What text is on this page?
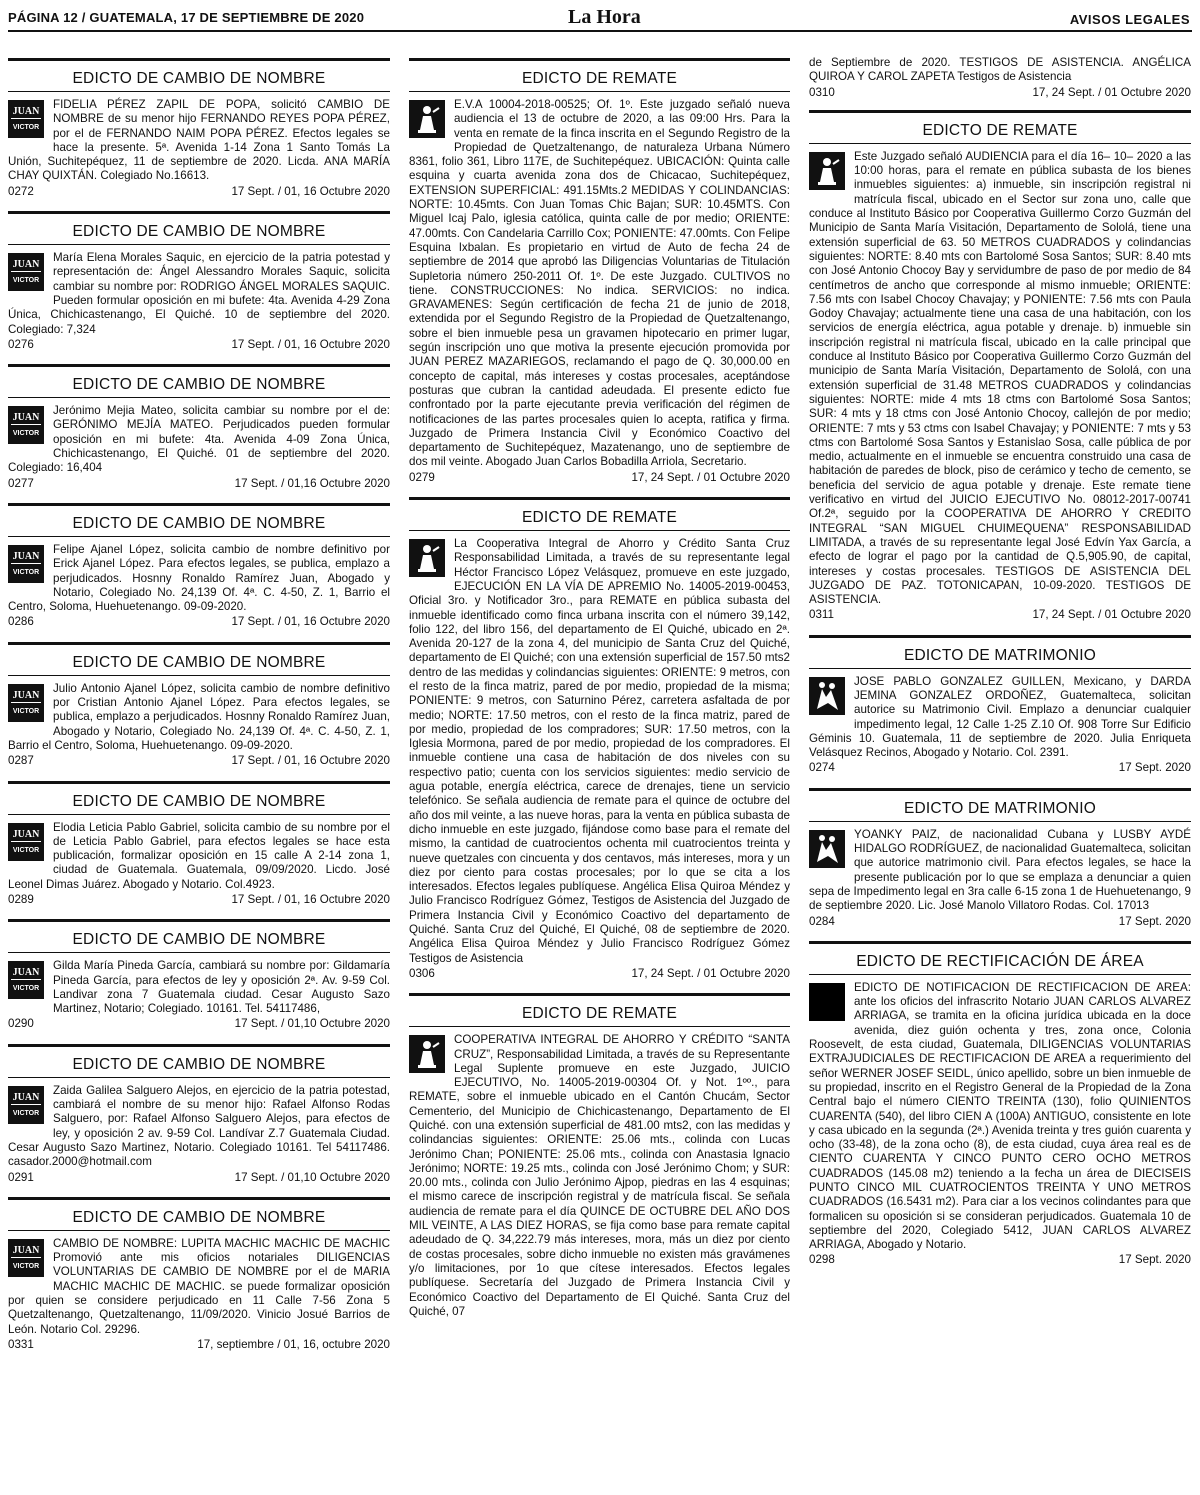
PÁGINA 12 / GUATEMALA, 17 DE SEPTIEMBRE DE 2020	La Hora	AVISOS LEGALES
EDICTO DE CAMBIO DE NOMBRE
JUAN
VICTOR

FIDELIA PÉREZ ZAPIL DE POPA, solicitó CAMBIO DE NOMBRE de su menor hijo FERNANDO REYES POPA PÉREZ, por el de FERNANDO NAIM POPA PÉREZ. Efectos legales se hace la presente. 5ª. Avenida 1-14 Zona 1 Santo Tomás La Unión, Suchitepéquez, 11 de septiembre de 2020. Licda. ANA MARÍA CHAY QUIXTÁN. Colegiado No.16613.

0272	17 Sept. / 01, 16 Octubre 2020
EDICTO DE CAMBIO DE NOMBRE
JUAN
VICTOR

María Elena Morales Saquic, en ejercicio de la patria potestad y representación de: Ángel Alessandro Morales Saquic, solicita cambiar su nombre por: RODRIGO ÁNGEL MORALES SAQUIC. Pueden formular oposición en mi bufete: 4ta. Avenida 4-29 Zona Única, Chichicastenango, El Quiché. 10 de septiembre del 2020. Colegiado: 7,324

0276	17 Sept. / 01, 16 Octubre 2020
EDICTO DE CAMBIO DE NOMBRE
JUAN
VICTOR

Jerónimo Mejia Mateo, solicita cambiar su nombre por el de: GERÓNIMO MEJÍA MATEO. Perjudicados pueden formular oposición en mi bufete: 4ta. Avenida 4-09 Zona Única, Chichicastenango, El Quiché. 01 de septiembre del 2020. Colegiado: 16,404

0277	17 Sept. / 01,16 Octubre 2020
EDICTO DE CAMBIO DE NOMBRE
JUAN
VICTOR

Felipe Ajanel López, solicita cambio de nombre definitivo por Erick Ajanel López. Para efectos legales, se publica, emplazo a perjudicados. Hosnny Ronaldo Ramírez Juan, Abogado y Notario, Colegiado No. 24,139 Of. 4ª. C. 4-50, Z. 1, Barrio el Centro, Soloma, Huehuetenango. 09-09-2020.

0286	17 Sept. / 01, 16 Octubre 2020
EDICTO DE CAMBIO DE NOMBRE
JUAN
VICTOR

Julio Antonio Ajanel López, solicita cambio de nombre definitivo por Cristian Antonio Ajanel López. Para efectos legales, se publica, emplazo a perjudicados. Hosnny Ronaldo Ramírez Juan, Abogado y Notario, Colegiado No. 24,139 Of. 4ª. C. 4-50, Z. 1, Barrio el Centro, Soloma, Huehuetenango. 09-09-2020.

0287	17 Sept. / 01, 16 Octubre 2020
EDICTO DE CAMBIO DE NOMBRE
JUAN
VICTOR

Elodia Leticia Pablo Gabriel, solicita cambio de su nombre por el de Leticia Pablo Gabriel, para efectos legales se hace esta publicación, formalizar oposición en 15 calle A 2-14 zona 1, ciudad de Guatemala. Guatemala, 09/09/2020. Licdo. José Leonel Dimas Juárez. Abogado y Notario. Col.4923.

0289	17 Sept. / 01, 16 Octubre 2020
EDICTO DE CAMBIO DE NOMBRE
JUAN
VICTOR

Gilda María Pineda García, cambiará su nombre por: Gildamaría Pineda García, para efectos de ley y oposición 2ª. Av. 9-59 Col. Landivar zona 7 Guatemala ciudad. Cesar Augusto Sazo Martinez, Notario; Colegiado. 10161. Tel. 54117486,

0290	17 Sept. / 01,10 Octubre 2020
EDICTO DE CAMBIO DE NOMBRE
JUAN
VICTOR

Zaida Galilea Salguero Alejos, en ejercicio de la patria potestad, cambiará el nombre de su menor hijo: Rafael Alfonso Rodas Salguero, por: Rafael Alfonso Salguero Alejos, para efectos de ley, y oposición 2 av. 9-59 Col. Landívar Z.7 Guatemala Ciudad. Cesar Augusto Sazo Martinez, Notario. Colegiado 10161. Tel 54117486. casador.2000@hotmail.com

0291	17 Sept. / 01,10 Octubre 2020
EDICTO DE CAMBIO DE NOMBRE
JUAN
VICTOR

CAMBIO DE NOMBRE: LUPITA MACHIC MACHIC DE MACHIC Promovió ante mis oficios notariales DILIGENCIAS VOLUNTARIAS DE CAMBIO DE NOMBRE por el de MARIA MACHIC MACHIC DE MACHIC. se puede formalizar oposición por quien se considere perjudicado en 11 Calle 7-56 Zona 5 Quetzaltenango, Quetzaltenango, 11/09/2020. Vinicio Josué Barrios de León. Notario Col. 29296.

0331	17, septiembre / 01, 16, octubre 2020
EDICTO DE REMATE

E.V.A 10004-2018-00525; Of. 1º. Este juzgado señaló nueva audiencia el 13 de octubre de 2020, a las 09:00 Hrs. Para la venta en remate de la finca inscrita en el Segundo Registro de la Propiedad de Quetzaltenango, de naturaleza Urbana Número 8361, folio 361, Libro 117E, de Suchitepéquez. UBICACIÓN: Quinta calle esquina y cuarta avenida zona dos de Chicacao, Suchitepéquez, EXTENSION SUPERFICIAL: 491.15Mts.2 MEDIDAS Y COLINDANCIAS: NORTE: 10.45mts. Con Juan Tomas Chic Bajan; SUR: 10.45MTS. Con Miguel Icaj Palo, iglesia católica, quinta calle de por medio; ORIENTE: 47.00mts. Con Candelaria Carrillo Cox; PONIENTE: 47.00mts. Con Felipe Esquina Ixbalan. Es propietario en virtud de Auto de fecha 24 de septiembre de 2014 que aprobó las Diligencias Voluntarias de Titulación Supletoria número 250-2011 Of. 1º. De este Juzgado. CULTIVOS no tiene. CONSTRUCCIONES: No indica. SERVICIOS: no indica. GRAVAMENES: Según certificación de fecha 21 de junio de 2018, extendida por el Segundo Registro de la Propiedad de Quetzaltenango, sobre el bien inmueble pesa un gravamen hipotecario en primer lugar, según inscripción uno que motiva la presente ejecución promovida por JUAN PEREZ MAZARIEGOS, reclamando el pago de Q. 30,000.00 en concepto de capital, más intereses y costas procesales, aceptándose posturas que cubran la cantidad adeudada. El presente edicto fue confrontado por la parte ejecutante previa verificación del régimen de notificaciones de las partes procesales quien lo acepta, ratifica y firma. Juzgado de Primera Instancia Civil y Económico Coactivo del departamento de Suchitepéquez, Mazatenango, uno de septiembre de dos mil veinte. Abogado Juan Carlos Bobadilla Arriola, Secretario.

0279	17, 24 Sept. / 01 Octubre 2020
EDICTO DE REMATE

La Cooperativa Integral de Ahorro y Crédito Santa Cruz Responsabilidad Limitada, a través de su representante legal Héctor Francisco López Velásquez, promueve en este juzgado, EJECUCIÓN EN LA VÍA DE APREMIO No. 14005-2019-00453, Oficial 3ro. y Notificador 3ro., para REMATE en pública subasta del inmueble identificado como finca urbana inscrita con el número 39,142, folio 122, del libro 156, del departamento de El Quiché, ubicado en 2ª. Avenida 20-127 de la zona 4, del municipio de Santa Cruz del Quiché, departamento de El Quiché; con una extensión superficial de 157.50 mts2 dentro de las medidas y colindancias siguientes: ORIENTE: 9 metros, con el resto de la finca matriz, pared de por medio, propiedad de la misma; PONIENTE: 9 metros, con Saturnino Pérez, carretera asfaltada de por medio; NORTE: 17.50 metros, con el resto de la finca matriz, pared de por medio, propiedad de los compradores; SUR: 17.50 metros, con la Iglesia Mormona, pared de por medio, propiedad de los compradores. El inmueble contiene una casa de habitación de dos niveles con su respectivo patio; cuenta con los servicios siguientes: medio servicio de agua potable, energía eléctrica, carece de drenajes, tiene un servicio telefónico. Se señala audiencia de remate para el quince de octubre del año dos mil veinte, a las nueve horas, para la venta en pública subasta de dicho inmueble en este juzgado, fijándose como base para el remate del mismo, la cantidad de cuatrocientos ochenta mil cuatrocientos treinta y nueve quetzales con cincuenta y dos centavos, más intereses, mora y un diez por ciento para costas procesales; por lo que se cita a los interesados. Efectos legales publíquese. Angélica Elisa Quiroa Méndez y Julio Francisco Rodríguez Gómez, Testigos de Asistencia del Juzgado de Primera Instancia Civil y Económico Coactivo del departamento de Quiché. Santa Cruz del Quiché, El Quiché, 08 de septiembre de 2020. Angélica Elisa Quiroa Méndez y Julio Francisco Rodríguez Gómez Testigos de Asistencia

0306	17, 24 Sept. / 01 Octubre 2020
EDICTO DE REMATE

COOPERATIVA INTEGRAL DE AHORRO Y CRÉDITO “SANTA CRUZ”, Responsabilidad Limitada, a través de su Representante Legal Suplente promueve en este Juzgado, JUICIO EJECUTIVO, No. 14005-2019-00304 Of. y Not. 1ºº., para REMATE, sobre el inmueble ubicado en el Cantón Chucám, Sector Cementerio, del Municipio de Chichicastenango, Departamento de El Quiché. con una extensión superficial de 481.00 mts2, con las medidas y colindancias siguientes: ORIENTE: 25.06 mts., colinda con Lucas Jerónimo Chan; PONIENTE: 25.06 mts., colinda con Anastasia Ignacio Jerónimo; NORTE: 19.25 mts., colinda con José Jerónimo Chom; y SUR: 20.00 mts., colinda con Julio Jerónimo Ajpop, piedras en las 4 esquinas; el mismo carece de inscripción registral y de matrícula fiscal. Se señala audiencia de remate para el día QUINCE DE OCTUBRE DEL AÑO DOS MIL VEINTE, A LAS DIEZ HORAS, se fija como base para remate capital adeudado de Q. 34,222.79 más intereses, mora, más un diez por ciento de costas procesales, sobre dicho inmueble no existen más gravámenes y/o limitaciones, por 1o que cítese interesados. Efectos legales publíquese. Secretaría del Juzgado de Primera Instancia Civil y Económico Coactivo del Departamento de El Quiché. Santa Cruz del Quiché, 07

de Septiembre de 2020. TESTIGOS DE ASISTENCIA. ANGÉLICA QUIROA Y CAROL ZAPETA Testigos de Asistencia

0310	17, 24 Sept. / 01 Octubre 2020
EDICTO DE REMATE

Este Juzgado señaló AUDIENCIA para el día 16– 10– 2020 a las 10:00 horas, para el remate en pública subasta de los bienes inmuebles siguientes: a) inmueble, sin inscripción registral ni matrícula fiscal, ubicado en el Sector sur zona uno, calle que conduce al Instituto Básico por Cooperativa Guillermo Corzo Guzmán del Municipio de Santa María Visitación, Departamento de Sololá, tiene una extensión superficial de 63. 50 METROS CUADRADOS y colindancias siguientes: NORTE: 8.40 mts con Bartolomé Sosa Santos; SUR: 8.40 mts con José Antonio Chocoy Bay y servidumbre de paso de por medio de 84 centímetros de ancho que corresponde al mismo inmueble; ORIENTE: 7.56 mts con Isabel Chocoy Chavajay; y PONIENTE: 7.56 mts con Paula Godoy Chavajay; actualmente tiene una casa de una habitación, con los servicios de energía eléctrica, agua potable y drenaje. b) inmueble sin inscripción registral ni matrícula fiscal, ubicado en la calle principal que conduce al Instituto Básico por Cooperativa Guillermo Corzo Guzmán del municipio de Santa María Visitación, Departamento de Sololá, con una extensión superficial de 31.48 METROS CUADRADOS y colindancias siguientes: NORTE: mide 4 mts 18 ctms con Bartolomé Sosa Santos; SUR: 4 mts y 18 ctms con José Antonio Chocoy, callejón de por medio; ORIENTE: 7 mts y 53 ctms con Isabel Chavajay; y PONIENTE: 7 mts y 53 ctms con Bartolomé Sosa Santos y Estanislao Sosa, calle pública de por medio, actualmente en el inmueble se encuentra construido una casa de habitación de paredes de block, piso de cerámico y techo de cemento, se beneficia del servicio de agua potable y drenaje. Este remate tiene verificativo en virtud del JUICIO EJECUTIVO No. 08012-2017-00741 Of.2ª, seguido por la COOPERATIVA DE AHORRO Y CREDITO INTEGRAL “SAN MIGUEL CHUIMEQUENA” RESPONSABILIDAD LIMITADA, a través de su representante legal José Edvín Yax García, a efecto de lograr el pago por la cantidad de Q.5,905.90, de capital, intereses y costas procesales. TESTIGOS DE ASISTENCIA DEL JUZGADO DE PAZ. TOTONICAPAN, 10-09-2020. TESTIGOS DE ASISTENCIA.

0311	17, 24 Sept. / 01 Octubre 2020
EDICTO DE MATRIMONIO

JOSE PABLO GONZALEZ GUILLEN, Mexicano, y DARDA JEMINA GONZALEZ ORDOÑEZ, Guatemalteca, solicitan autorice su Matrimonio Civil. Emplazo a denunciar cualquier impedimento legal, 12 Calle 1-25 Z.10 Of. 908 Torre Sur Edificio Géminis 10. Guatemala, 11 de septiembre de 2020. Julia Enriqueta Velásquez Recinos, Abogado y Notario. Col. 2391.

0274	17 Sept. 2020
EDICTO DE MATRIMONIO

YOANKY PAIZ, de nacionalidad Cubana y LUSBY AYDÉ HIDALGO RODRÍGUEZ, de nacionalidad Guatemalteca, solicitan que autorice matrimonio civil. Para efectos legales, se hace la presente publicación por lo que se emplaza a denunciar a quien sepa de Impedimento legal en 3ra calle 6-15 zona 1 de Huehuetenango, 9 de septiembre 2020. Lic. José Manolo Villatoro Rodas. Col. 17013

0284	17 Sept. 2020
EDICTO DE RECTIFICACIÓN DE ÁREA

EDICTO DE NOTIFICACION DE RECTIFICACION DE AREA: ante los oficios del infrascrito Notario JUAN CARLOS ALVAREZ ARRIAGA, se tramita en la oficina jurídica ubicada en la doce avenida, diez guión ochenta y tres, zona once, Colonia Roosevelt, de esta ciudad, Guatemala, DILIGENCIAS VOLUNTARIAS EXTRAJUDICIALES DE RECTIFICACION DE AREA a requerimiento del señor WERNER JOSEF SEIDL, único apellido, sobre un bien inmueble de su propiedad, inscrito en el Registro General de la Propiedad de la Zona Central bajo el número CIENTO TREINTA (130), folio QUINIENTOS CUARENTA (540), del libro CIEN A (100A) ANTIGUO, consistente en lote y casa ubicado en la segunda (2ª.) Avenida treinta y tres guión cuarenta y ocho (33-48), de la zona ocho (8), de esta ciudad, cuya área real es de CIENTO CUARENTA Y CINCO PUNTO CERO OCHO METROS CUADRADOS (145.08 m2) teniendo a la fecha un área de DIECISEIS PUNTO CINCO MIL CUATROCIENTOS TREINTA Y UNO METROS CUADRADOS (16.5431 m2). Para ciar a los vecinos colindantes para que formalicen su oposición si se consideran perjudicados. Guatemala 10 de septiembre del 2020, Colegiado 5412, JUAN CARLOS ALVAREZ ARRIAGA, Abogado y Notario.

0298	17 Sept. 2020
